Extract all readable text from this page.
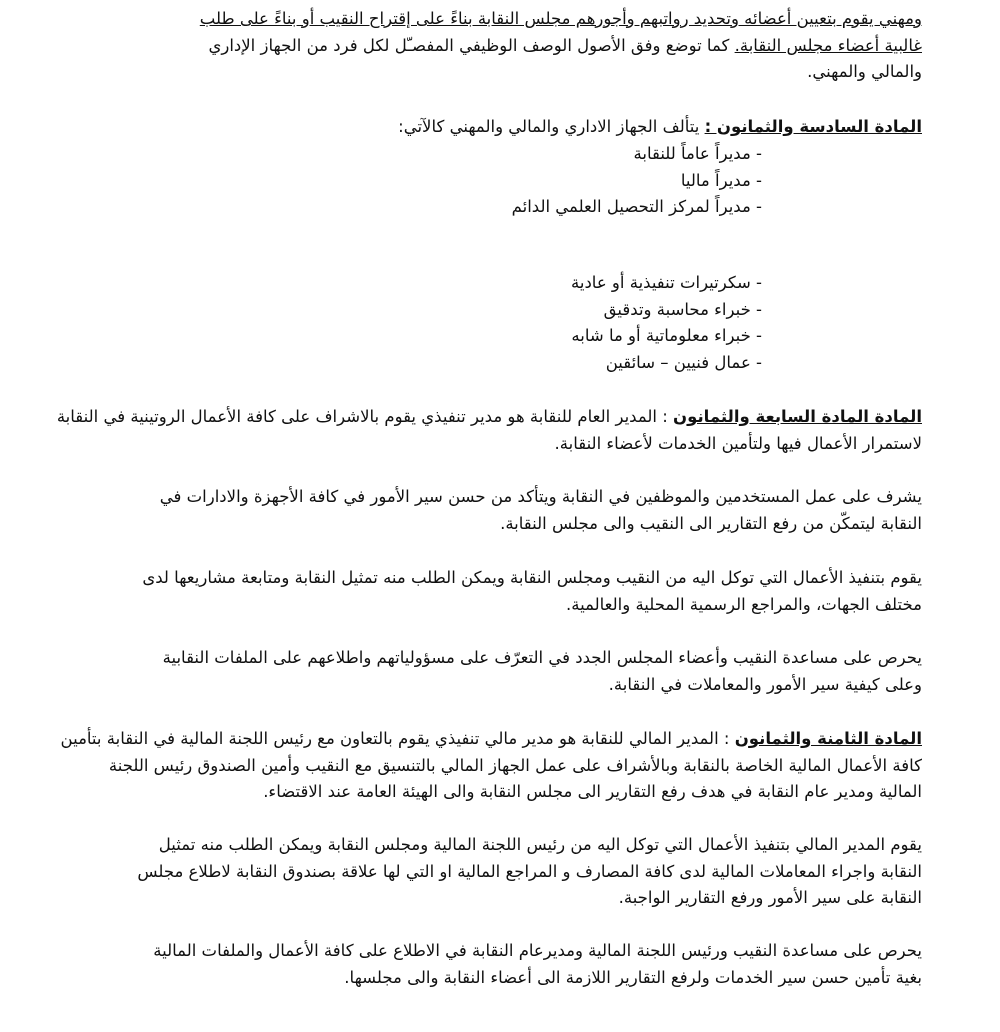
ومهني يقوم بتعيين أعضائه وتحديد رواتبهم وأجورهم مجلس النقابة بناءً على إقتراح النقيب أو بناءً على طلب
غالبية أعضاء مجلس النقابة. كما توضع وفق الأصول الوصف الوظيفي المفصـّل لكل فرد من الجهاز الإداري
والمالي والمهني.
المادة السادسة والثمانون : يتألف الجهاز الاداري والمالي والمهني كالآتي:
- مديراً عاماً للنقابة
- مديراً ماليا
- مديراً لمركز التحصيل العلمي الدائم
- سكرتيرات تنفيذية أو عادية
- خبراء محاسبة وتدقيق
- خبراء معلوماتية أو ما شابه
- عمال فنيين – سائقين
المادة المادة السابعة والثمانون : المدير العام للنقابة هو مدير تنفيذي يقوم بالاشراف على كافة الأعمال الروتينية في النقابة
لاستمرار الأعمال فيها ولتأمين الخدمات لأعضاء النقابة.
يشرف على عمل المستخدمين والموظفين في النقابة ويتأكد من حسن سير الأمور في كافة الأجهزة والادارات في
النقابة ليتمكّن من رفع التقارير الى النقيب والى مجلس النقابة.
يقوم بتنفيذ الأعمال التي توكل اليه من النقيب ومجلس النقابة ويمكن الطلب منه تمثيل النقابة ومتابعة مشاريعها لدى
مختلف الجهات، والمراجع الرسمية المحلية والعالمية.
يحرص على مساعدة النقيب وأعضاء المجلس الجدد في التعرّف على مسؤولياتهم واطلاعهم على الملفات النقابية
وعلى كيفية سير الأمور والمعاملات في النقابة.
المادة الثامنة والثمانون : المدير المالي للنقابة هو مدير مالي تنفيذي يقوم بالتعاون مع رئيس اللجنة المالية في النقابة بتأمين
كافة الأعمال المالية الخاصة بالنقابة وبالأشراف على عمل الجهاز المالي بالتنسيق مع النقيب وأمين الصندوق رئيس اللجنة
المالية ومدير عام النقابة في هدف رفع التقارير الى مجلس النقابة والى الهيئة العامة عند الاقتضاء.
يقوم المدير المالي بتنفيذ الأعمال التي توكل اليه من رئيس اللجنة المالية ومجلس النقابة ويمكن الطلب منه تمثيل
النقابة واجراء المعاملات المالية لدى كافة المصارف و المراجع المالية او التي لها علاقة بصندوق النقابة لاطلاع مجلس
النقابة على سير الأمور ورفع التقارير الواجبة.
يحرص على مساعدة النقيب ورئيس اللجنة المالية ومديرعام النقابة في الاطلاع على كافة الأعمال والملفات المالية
بغية تأمين حسن سير الخدمات ولرفع التقارير اللازمة الى أعضاء النقابة والى مجلسها.
